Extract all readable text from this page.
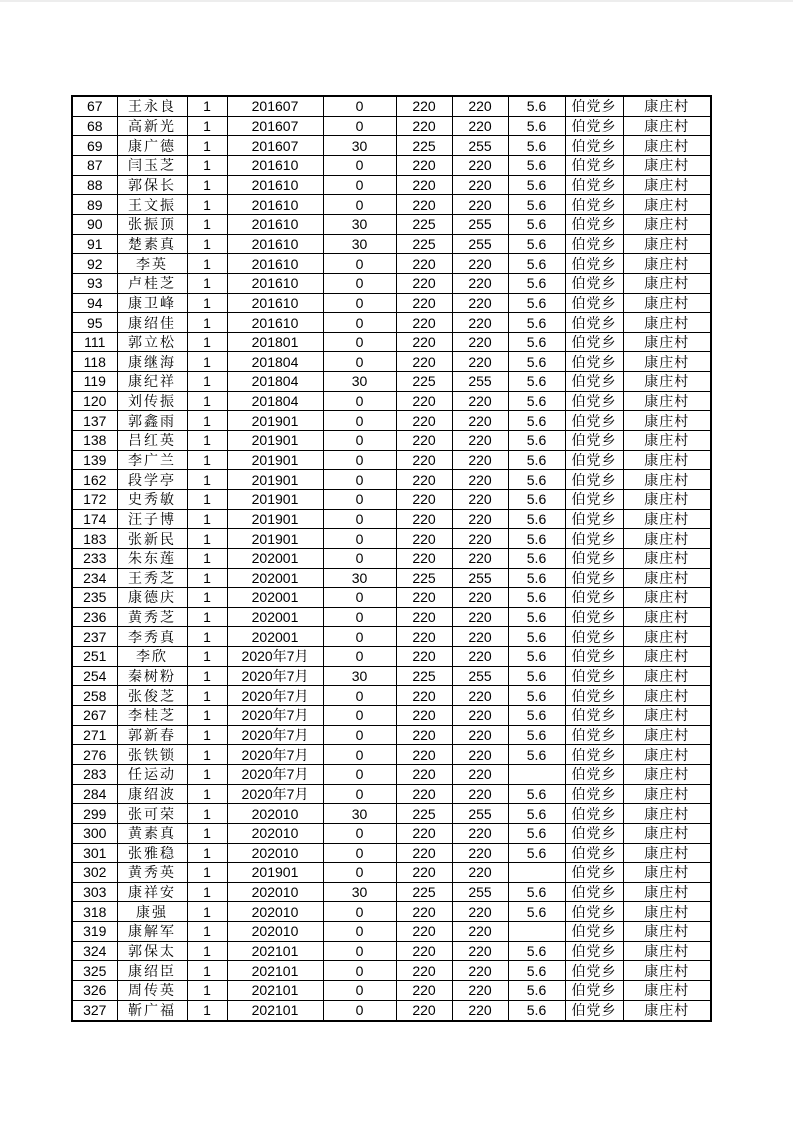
67	王永良	1	201607	0	220	220	5.6	伯党乡	康庄村
68	高新光	1	201607	0	220	220	5.6	伯党乡	康庄村
69	康广德	1	201607	30	225	255	5.6	伯党乡	康庄村
87	闫玉芝	1	201610	0	220	220	5.6	伯党乡	康庄村
88	郭保长	1	201610	0	220	220	5.6	伯党乡	康庄村
89	王文振	1	201610	0	220	220	5.6	伯党乡	康庄村
90	张振顶	1	201610	30	225	255	5.6	伯党乡	康庄村
91	楚素真	1	201610	30	225	255	5.6	伯党乡	康庄村
92	李英	1	201610	0	220	220	5.6	伯党乡	康庄村
93	卢桂芝	1	201610	0	220	220	5.6	伯党乡	康庄村
94	康卫峰	1	201610	0	220	220	5.6	伯党乡	康庄村
95	康绍佳	1	201610	0	220	220	5.6	伯党乡	康庄村
111	郭立松	1	201801	0	220	220	5.6	伯党乡	康庄村
118	康继海	1	201804	0	220	220	5.6	伯党乡	康庄村
119	康纪祥	1	201804	30	225	255	5.6	伯党乡	康庄村
120	刘传振	1	201804	0	220	220	5.6	伯党乡	康庄村
137	郭鑫雨	1	201901	0	220	220	5.6	伯党乡	康庄村
138	吕红英	1	201901	0	220	220	5.6	伯党乡	康庄村
139	李广兰	1	201901	0	220	220	5.6	伯党乡	康庄村
162	段学亭	1	201901	0	220	220	5.6	伯党乡	康庄村
172	史秀敏	1	201901	0	220	220	5.6	伯党乡	康庄村
174	汪子博	1	201901	0	220	220	5.6	伯党乡	康庄村
183	张新民	1	201901	0	220	220	5.6	伯党乡	康庄村
233	朱东莲	1	202001	0	220	220	5.6	伯党乡	康庄村
234	王秀芝	1	202001	30	225	255	5.6	伯党乡	康庄村
235	康德庆	1	202001	0	220	220	5.6	伯党乡	康庄村
236	黄秀芝	1	202001	0	220	220	5.6	伯党乡	康庄村
237	李秀真	1	202001	0	220	220	5.6	伯党乡	康庄村
251	李欣	1	2020年7月	0	220	220	5.6	伯党乡	康庄村
254	秦树粉	1	2020年7月	30	225	255	5.6	伯党乡	康庄村
258	张俊芝	1	2020年7月	0	220	220	5.6	伯党乡	康庄村
267	李桂芝	1	2020年7月	0	220	220	5.6	伯党乡	康庄村
271	郭新春	1	2020年7月	0	220	220	5.6	伯党乡	康庄村
276	张铁锁	1	2020年7月	0	220	220	5.6	伯党乡	康庄村
283	任运动	1	2020年7月	0	220	220		伯党乡	康庄村
284	康绍波	1	2020年7月	0	220	220	5.6	伯党乡	康庄村
299	张可荣	1	202010	30	225	255	5.6	伯党乡	康庄村
300	黄素真	1	202010	0	220	220	5.6	伯党乡	康庄村
301	张雅稳	1	202010	0	220	220	5.6	伯党乡	康庄村
302	黄秀英	1	201901	0	220	220		伯党乡	康庄村
303	康祥安	1	202010	30	225	255	5.6	伯党乡	康庄村
318	康强	1	202010	0	220	220	5.6	伯党乡	康庄村
319	康解军	1	202010	0	220	220		伯党乡	康庄村
324	郭保太	1	202101	0	220	220	5.6	伯党乡	康庄村
325	康绍臣	1	202101	0	220	220	5.6	伯党乡	康庄村
326	周传英	1	202101	0	220	220	5.6	伯党乡	康庄村
327	靳广福	1	202101	0	220	220	5.6	伯党乡	康庄村
